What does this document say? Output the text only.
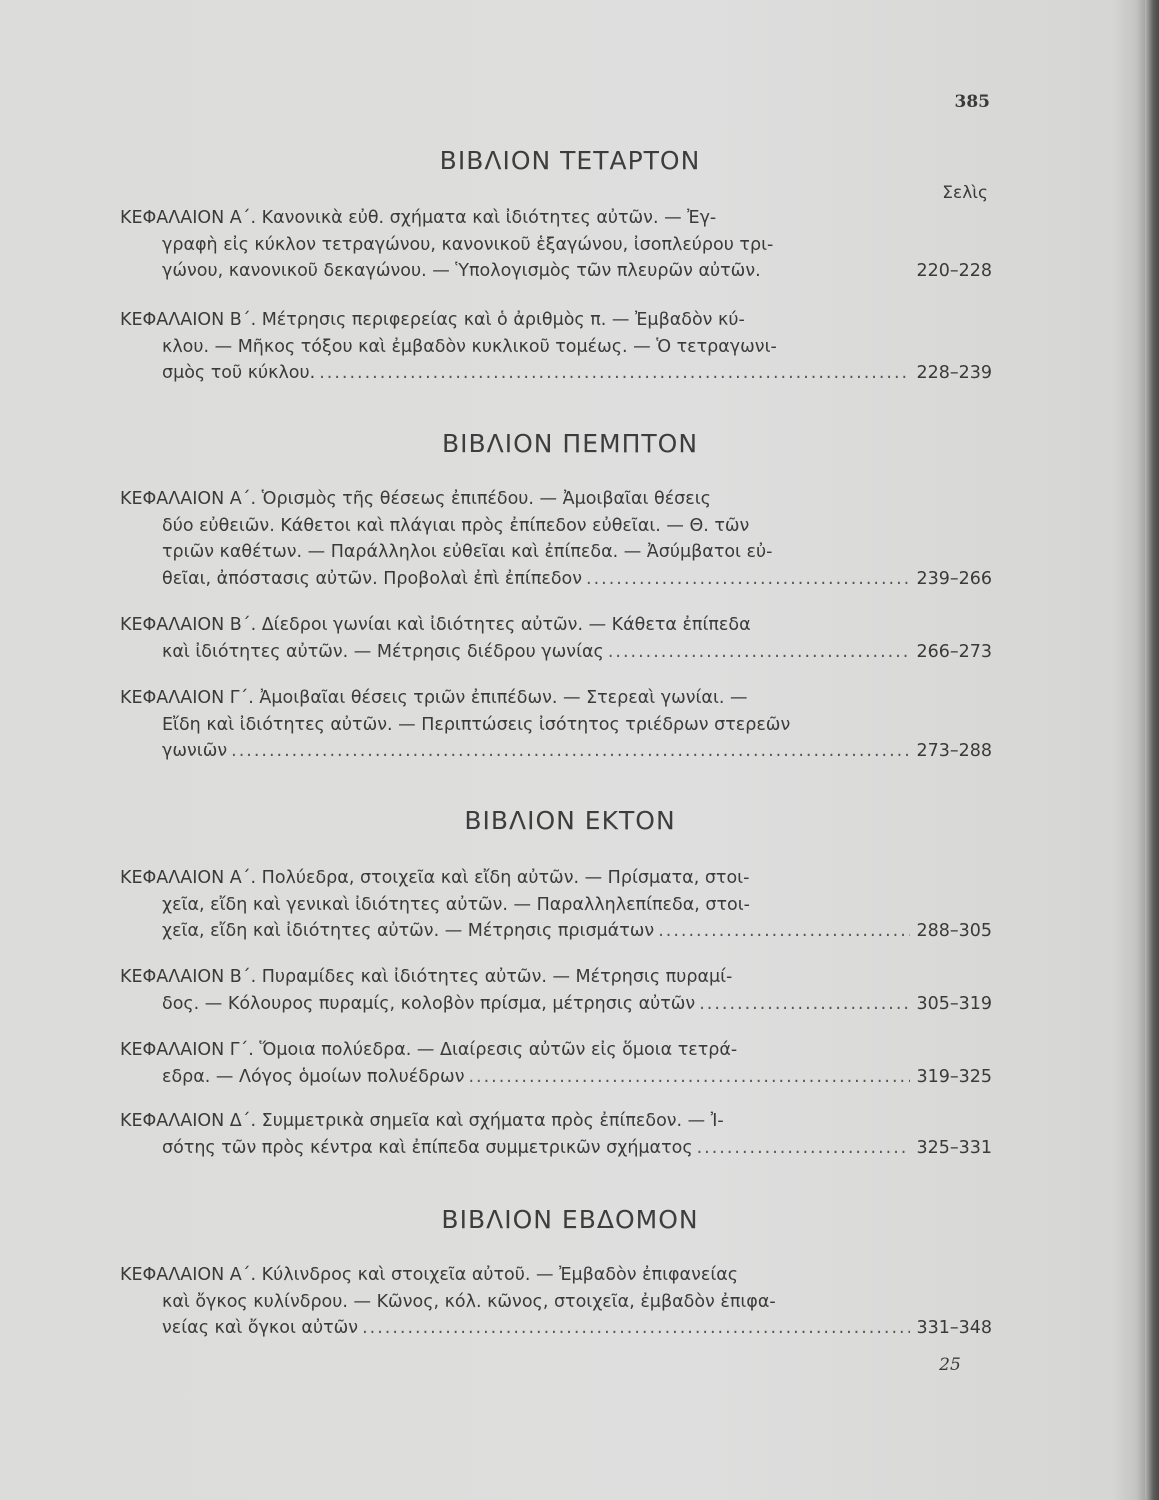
385
Σελὶς
ΒΙΒΛΙΟΝ ΤΕΤΑΡΤΟΝ
ΚΕΦΑΛΑΙΟΝ Α΄. Κανονικὰ εὐθ. σχήματα καὶ ἰδιότητες αὐτῶν. — Ἐγ-
γραφὴ εἰς κύκλον τετραγώνου, κανονικοῦ ἑξαγώνου, ἰσοπλεύρου τρι-
γώνου, κανονικοῦ δεκαγώνου. — Ὑπολογισμὸς τῶν πλευρῶν αὐτῶν.	220–228
ΚΕΦΑΛΑΙΟΝ Β΄. Μέτρησις περιφερείας καὶ ὁ ἀριθμὸς π. — Ἐμβαδὸν κύ-
κλου. — Μῆκος τόξου καὶ ἐμβαδὸν κυκλικοῦ τομέως. — Ὁ τετραγωνι-
σμὸς τοῦ κύκλου. .....	228–239
ΒΙΒΛΙΟΝ ΠΕΜΠΤΟΝ
ΚΕΦΑΛΑΙΟΝ Α΄. Ὁρισμὸς τῆς θέσεως ἐπιπέδου. — Ἀμοιβαῖαι θέσεις
δύο εὐθειῶν. Κάθετοι καὶ πλάγιαι πρὸς ἐπίπεδον εὐθεῖαι. — Θ. τῶν
τριῶν καθέτων. — Παράλληλοι εὐθεῖαι καὶ ἐπίπεδα. — Ἀσύμβατοι εὐ-
θεῖαι, ἀπόστασις αὐτῶν. Προβολαὶ ἐπὶ ἐπίπεδον .....	239–266
ΚΕΦΑΛΑΙΟΝ Β΄. Δίεδροι γωνίαι καὶ ἰδιότητες αὐτῶν. — Κάθετα ἐπίπεδα
καὶ ἰδιότητες αὐτῶν. — Μέτρησις διέδρου γωνίας .....	266–273
ΚΕΦΑΛΑΙΟΝ Γ΄. Ἀμοιβαῖαι θέσεις τριῶν ἐπιπέδων. — Στερεαὶ γωνίαι. —
Εἴδη καὶ ἰδιότητες αὐτῶν. — Περιπτώσεις ἰσότητος τριέδρων στερεῶν
γωνιῶν .....	273–288
ΒΙΒΛΙΟΝ ΕΚΤΟΝ
ΚΕΦΑΛΑΙΟΝ Α΄. Πολύεδρα, στοιχεῖα καὶ εἴδη αὐτῶν. — Πρίσματα, στοι-
χεῖα, εἴδη καὶ γενικαὶ ἰδιότητες αὐτῶν. — Παραλληλεπίπεδα, στοι-
χεῖα, εἴδη καὶ ἰδιότητες αὐτῶν. — Μέτρησις πρισμάτων .....	288–305
ΚΕΦΑΛΑΙΟΝ Β΄. Πυραμίδες καὶ ἰδιότητες αὐτῶν. — Μέτρησις πυραμί-
δος. — Κόλουρος πυραμίς, κολοβὸν πρίσμα, μέτρησις αὐτῶν .....	305–319
ΚΕΦΑΛΑΙΟΝ Γ΄. Ὅμοια πολύεδρα. — Διαίρεσις αὐτῶν εἰς ὅμοια τετρά-
εδρα. — Λόγος ὁμοίων πολυέδρων .....	319–325
ΚΕΦΑΛΑΙΟΝ Δ΄. Συμμετρικὰ σημεῖα καὶ σχήματα πρὸς ἐπίπεδον. — Ἰ-
σότης τῶν πρὸς κέντρα καὶ ἐπίπεδα συμμετρικῶν σχήματος .....	325–331
ΒΙΒΛΙΟΝ ΕΒΔΟΜΟΝ
ΚΕΦΑΛΑΙΟΝ Α΄. Κύλινδρος καὶ στοιχεῖα αὐτοῦ. — Ἐμβαδὸν ἐπιφανείας
καὶ ὄγκος κυλίνδρου. — Κῶνος, κόλ. κῶνος, στοιχεῖα, ἐμβαδὸν ἐπιφα-
νείας καὶ ὄγκοι αὐτῶν .....	331–348
25
